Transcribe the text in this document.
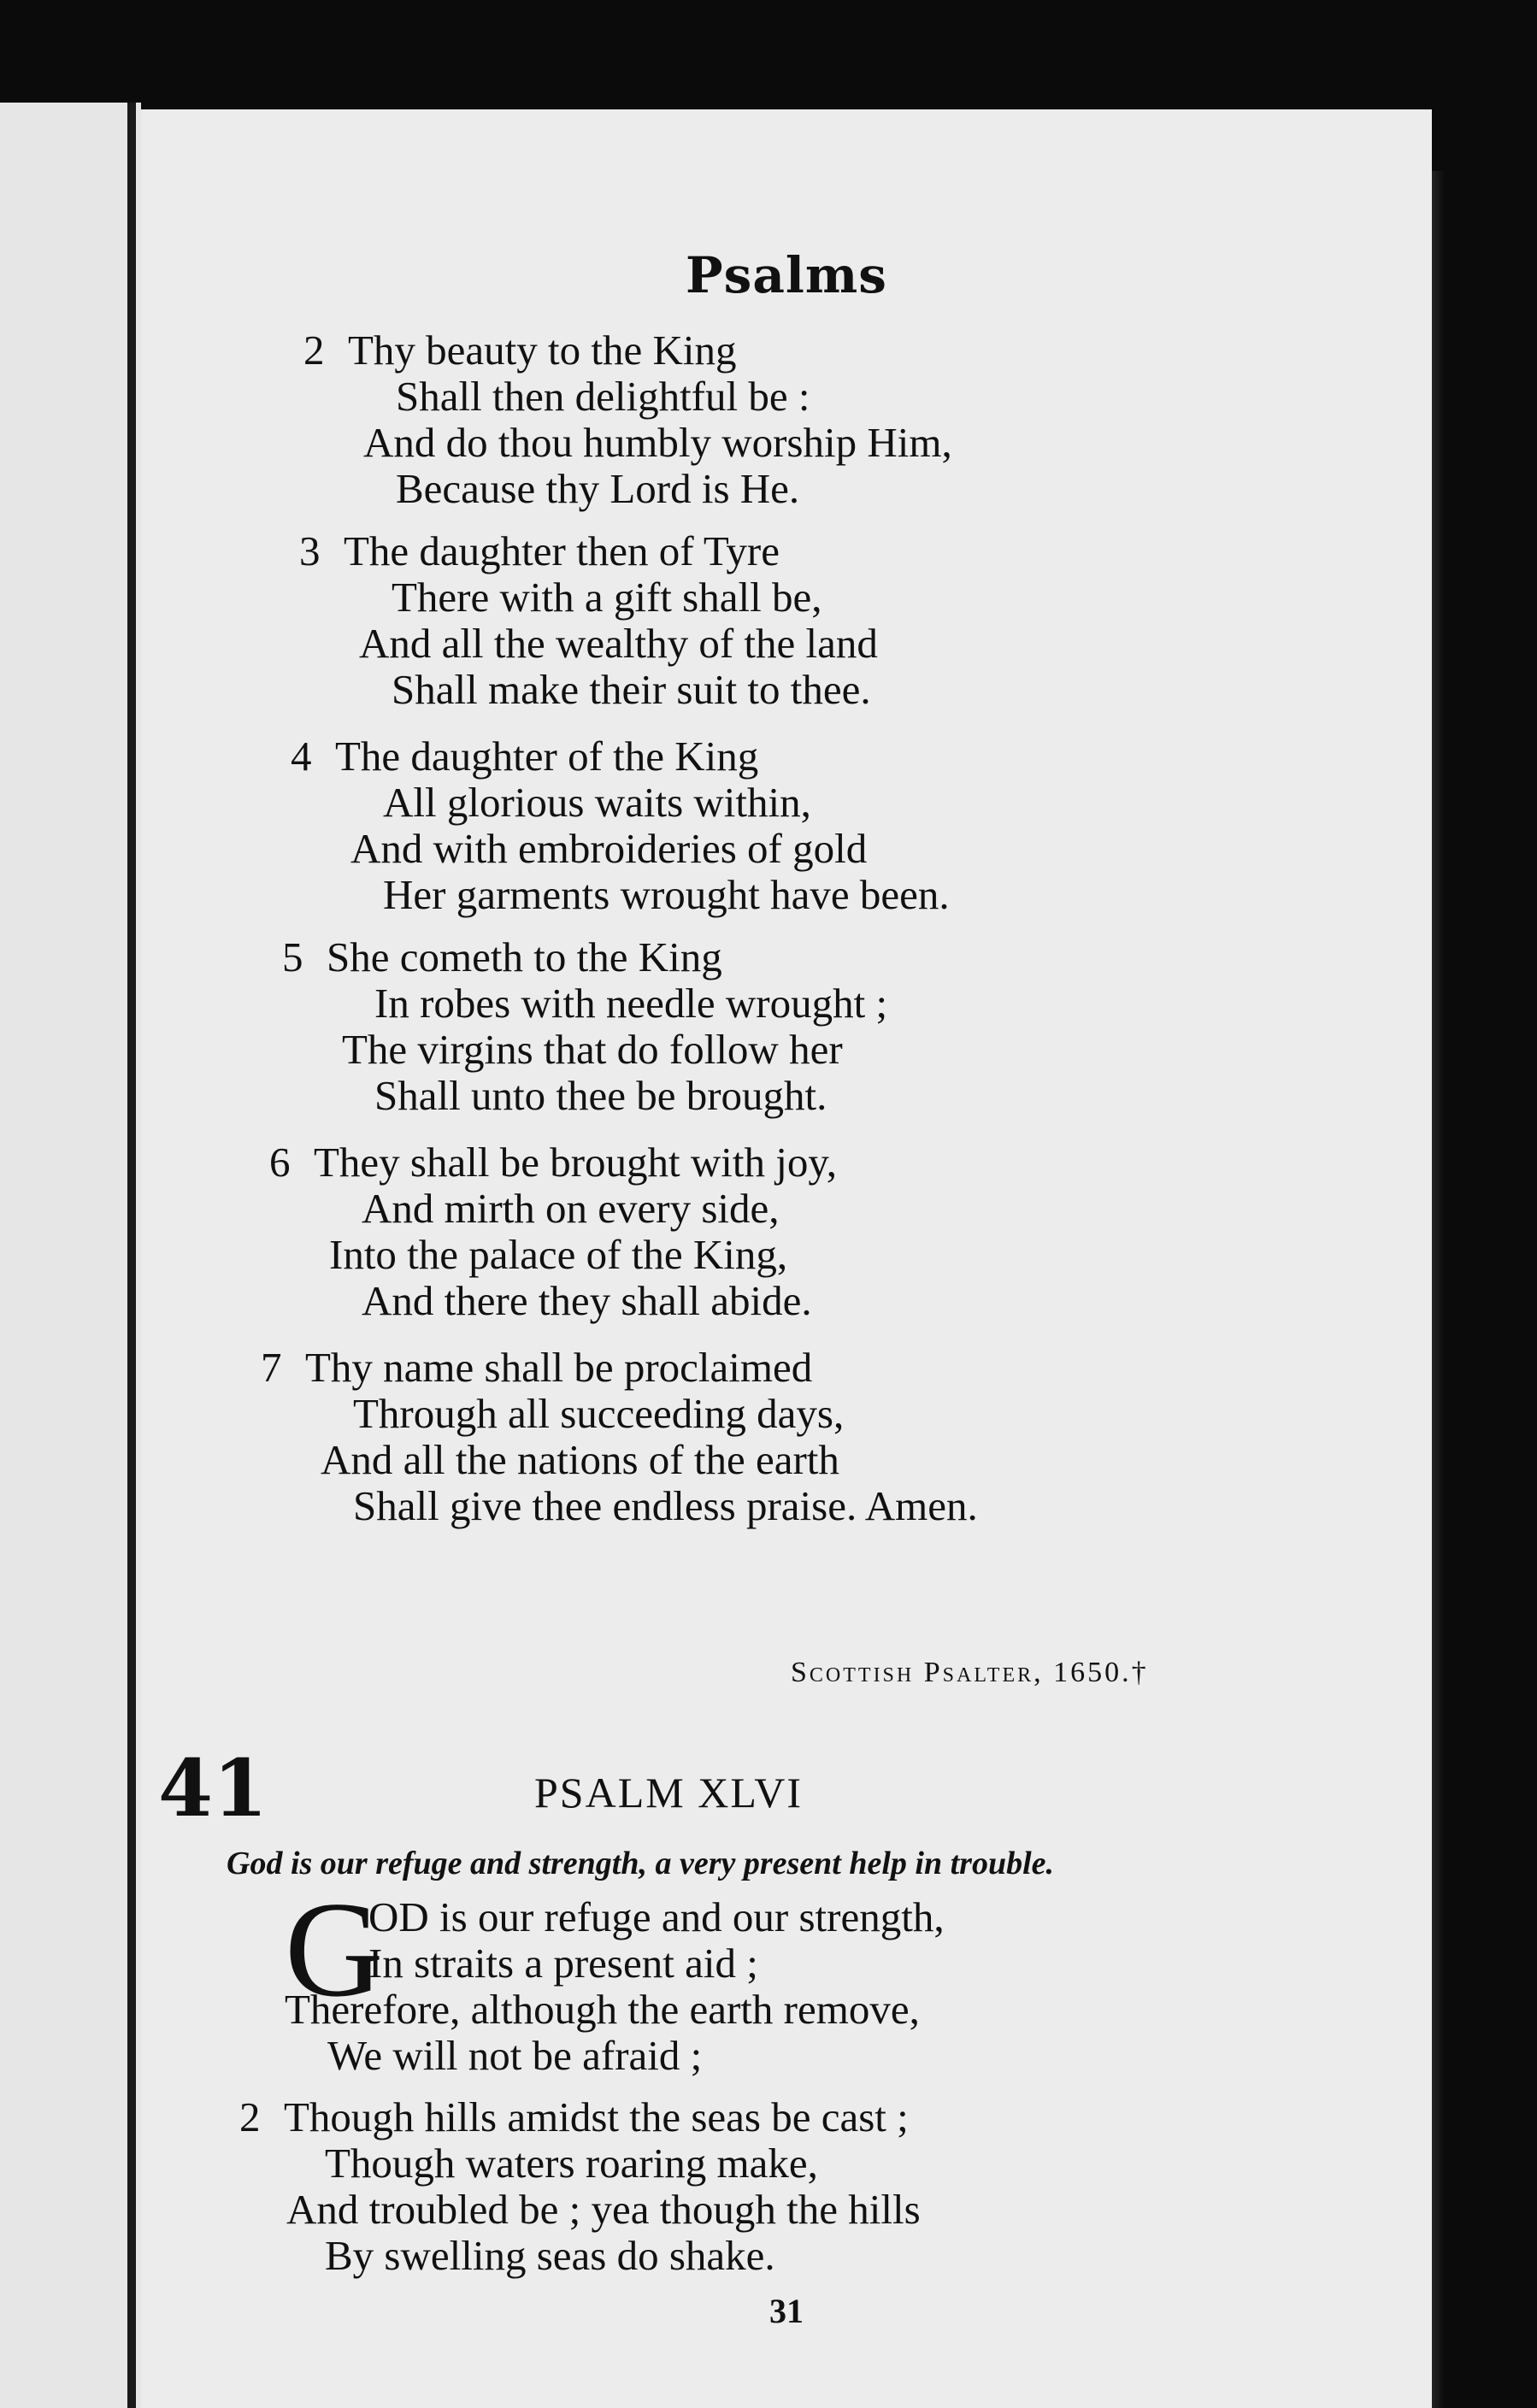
Psalms
2 Thy beauty to the King
Shall then delightful be :
And do thou humbly worship Him,
Because thy Lord is He.
3 The daughter then of Tyre
There with a gift shall be,
And all the wealthy of the land
Shall make their suit to thee.
4 The daughter of the King
All glorious waits within,
And with embroideries of gold
Her garments wrought have been.
5 She cometh to the King
In robes with needle wrought ;
The virgins that do follow her
Shall unto thee be brought.
6 They shall be brought with joy,
And mirth on every side,
Into the palace of the King,
And there they shall abide.
7 Thy name shall be proclaimed
Through all succeeding days,
And all the nations of the earth
Shall give thee endless praise. Amen.
Scottish Psalter, 1650.†
41	PSALM XLVI
God is our refuge and strength, a very present help in trouble.
G
OD is our refuge and our strength,
In straits a present aid ;
Therefore, although the earth remove,
We will not be afraid ;
2 Though hills amidst the seas be cast ;
Though waters roaring make,
And troubled be ; yea though the hills
By swelling seas do shake.
31
